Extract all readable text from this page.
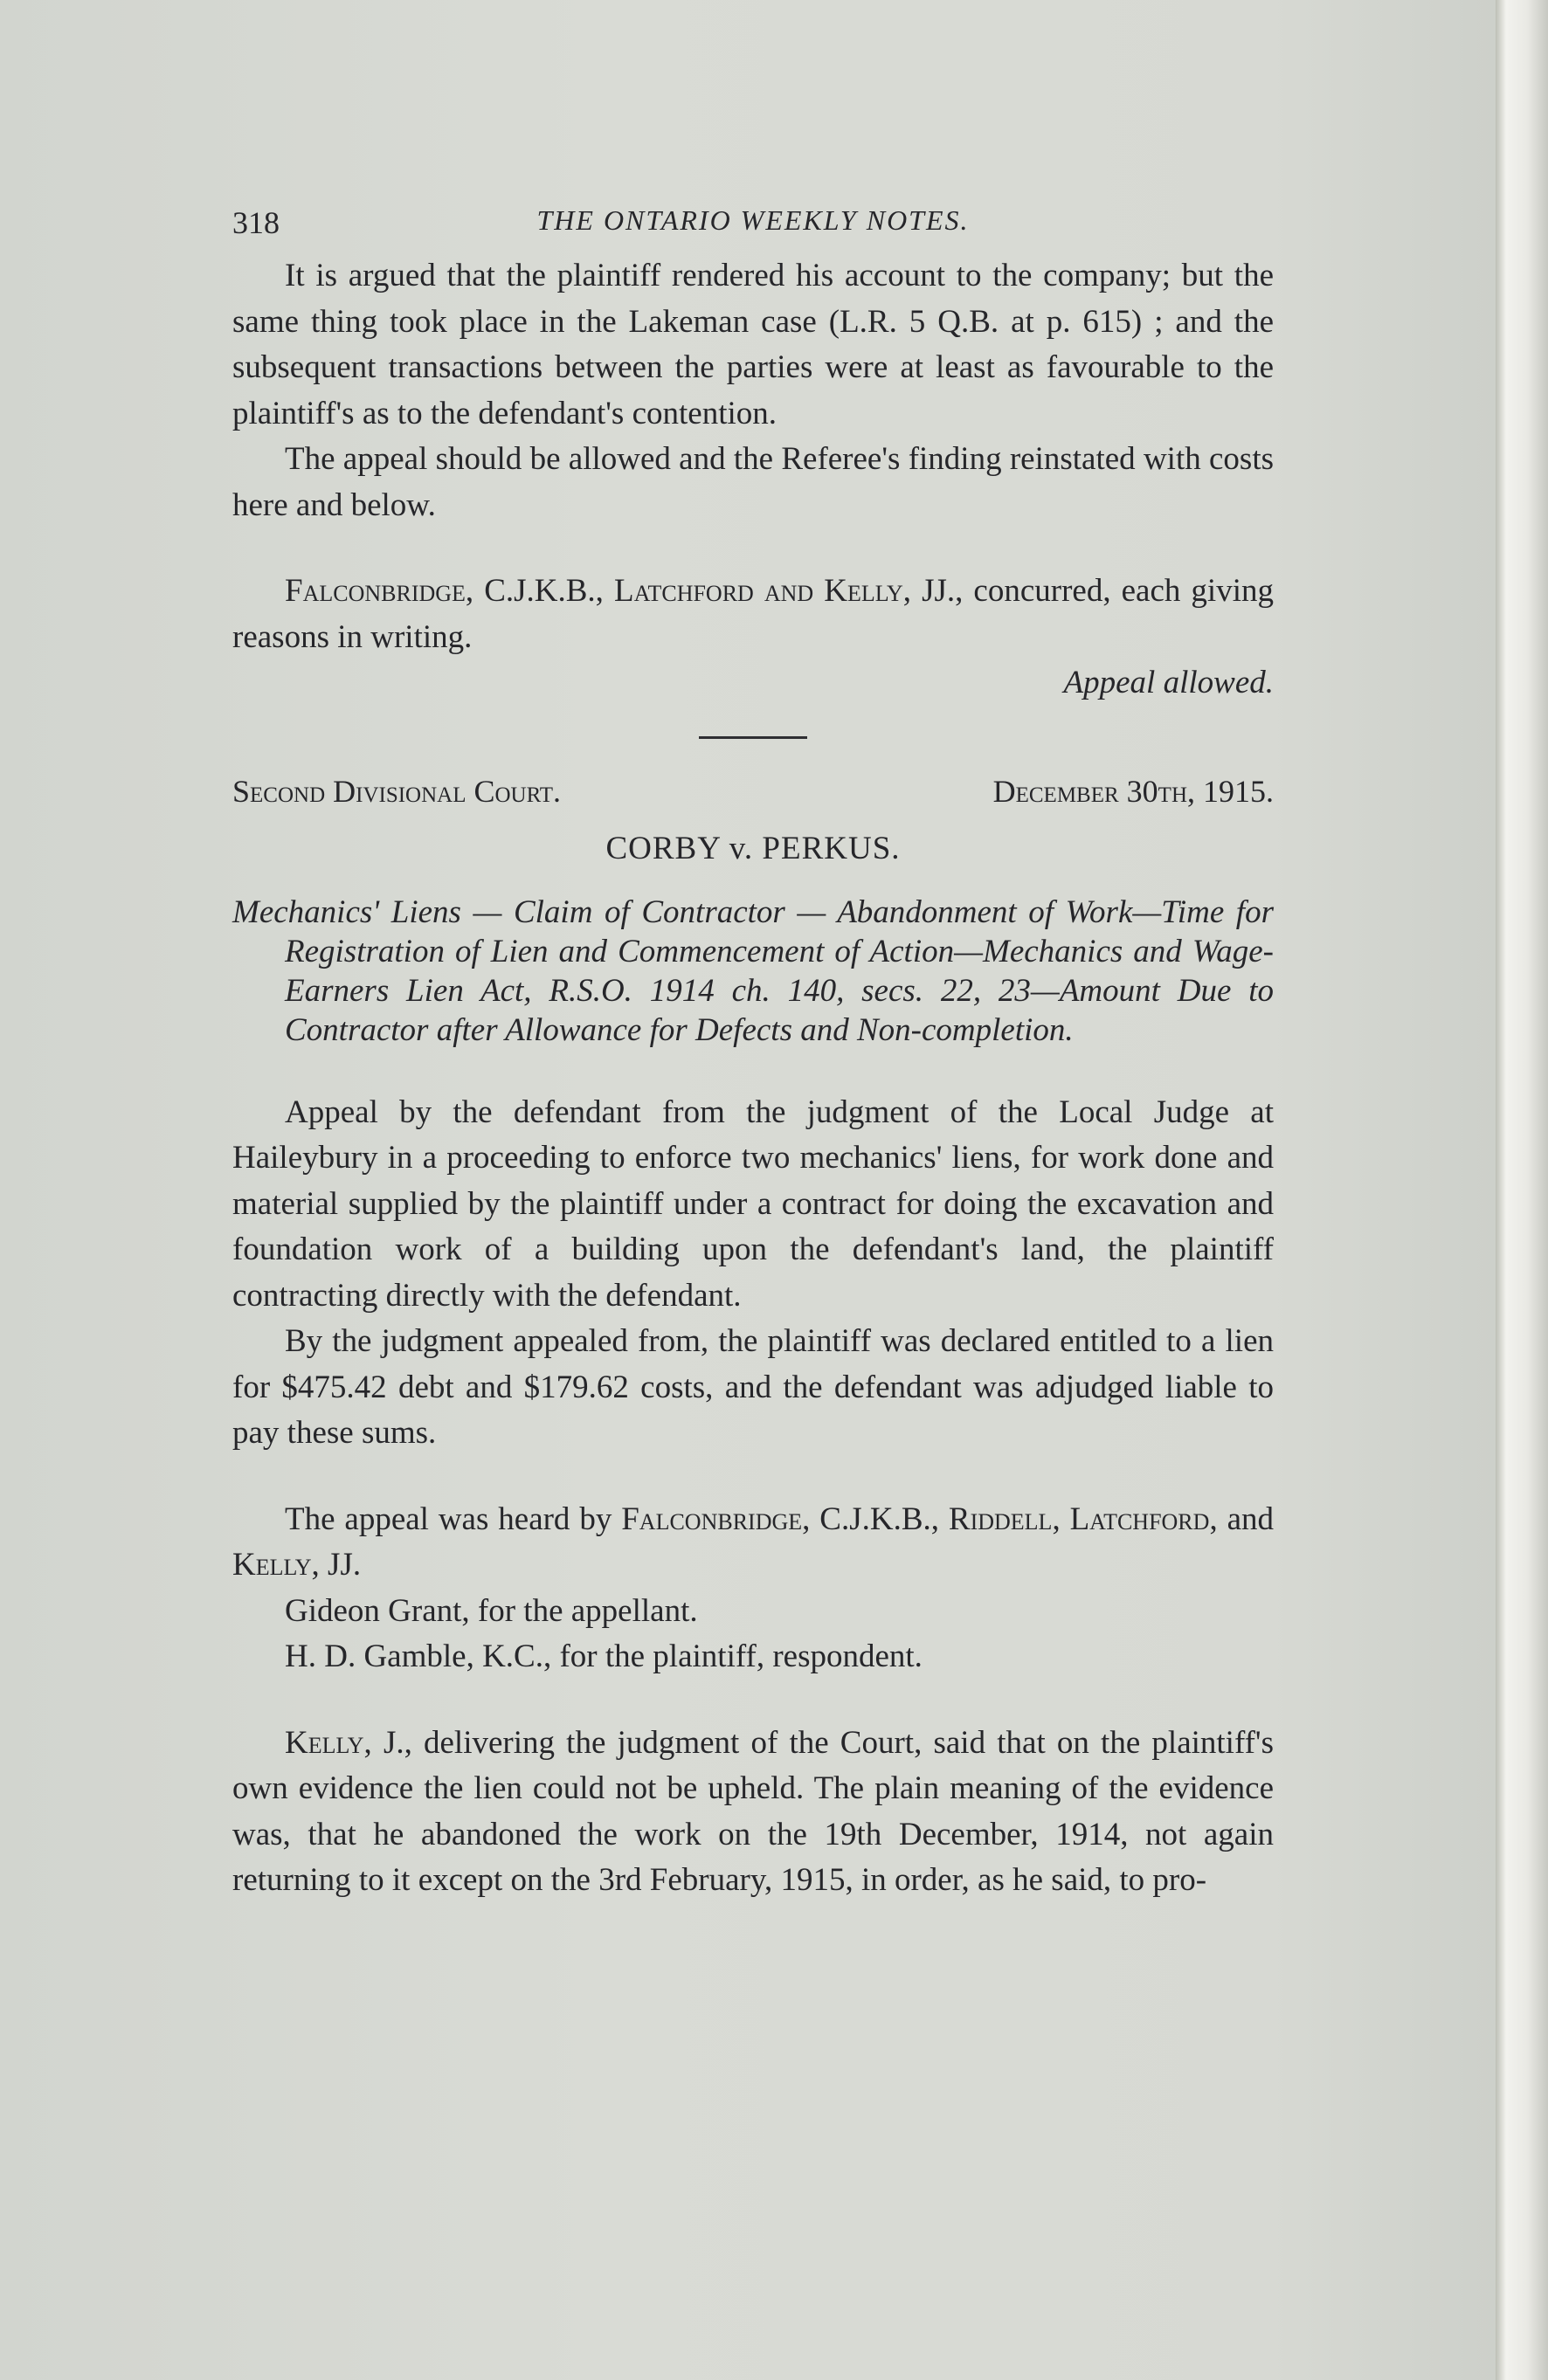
318	THE ONTARIO WEEKLY NOTES.

It is argued that the plaintiff rendered his account to the company; but the same thing took place in the Lakeman case (L.R. 5 Q.B. at p. 615) ; and the subsequent transactions between the parties were at least as favourable to the plaintiff's as to the defendant's contention.

The appeal should be allowed and the Referee's finding reinstated with costs here and below.

Falconbridge, C.J.K.B., Latchford and Kelly, JJ., concurred, each giving reasons in writing.

Appeal allowed.
Second Divisional Court.	December 30th, 1915.
CORBY v. PERKUS.
Mechanics' Liens — Claim of Contractor — Abandonment of Work—Time for Registration of Lien and Commencement of Action—Mechanics and Wage-Earners Lien Act, R.S.O. 1914 ch. 140, secs. 22, 23—Amount Due to Contractor after Allowance for Defects and Non-completion.

Appeal by the defendant from the judgment of the Local Judge at Haileybury in a proceeding to enforce two mechanics' liens, for work done and material supplied by the plaintiff under a contract for doing the excavation and foundation work of a building upon the defendant's land, the plaintiff contracting directly with the defendant.

By the judgment appealed from, the plaintiff was declared entitled to a lien for $475.42 debt and $179.62 costs, and the defendant was adjudged liable to pay these sums.

The appeal was heard by Falconbridge, C.J.K.B., Riddell, Latchford, and Kelly, JJ.

Gideon Grant, for the appellant.

H. D. Gamble, K.C., for the plaintiff, respondent.

Kelly, J., delivering the judgment of the Court, said that on the plaintiff's own evidence the lien could not be upheld. The plain meaning of the evidence was, that he abandoned the work on the 19th December, 1914, not again returning to it except on the 3rd February, 1915, in order, as he said, to pro-
